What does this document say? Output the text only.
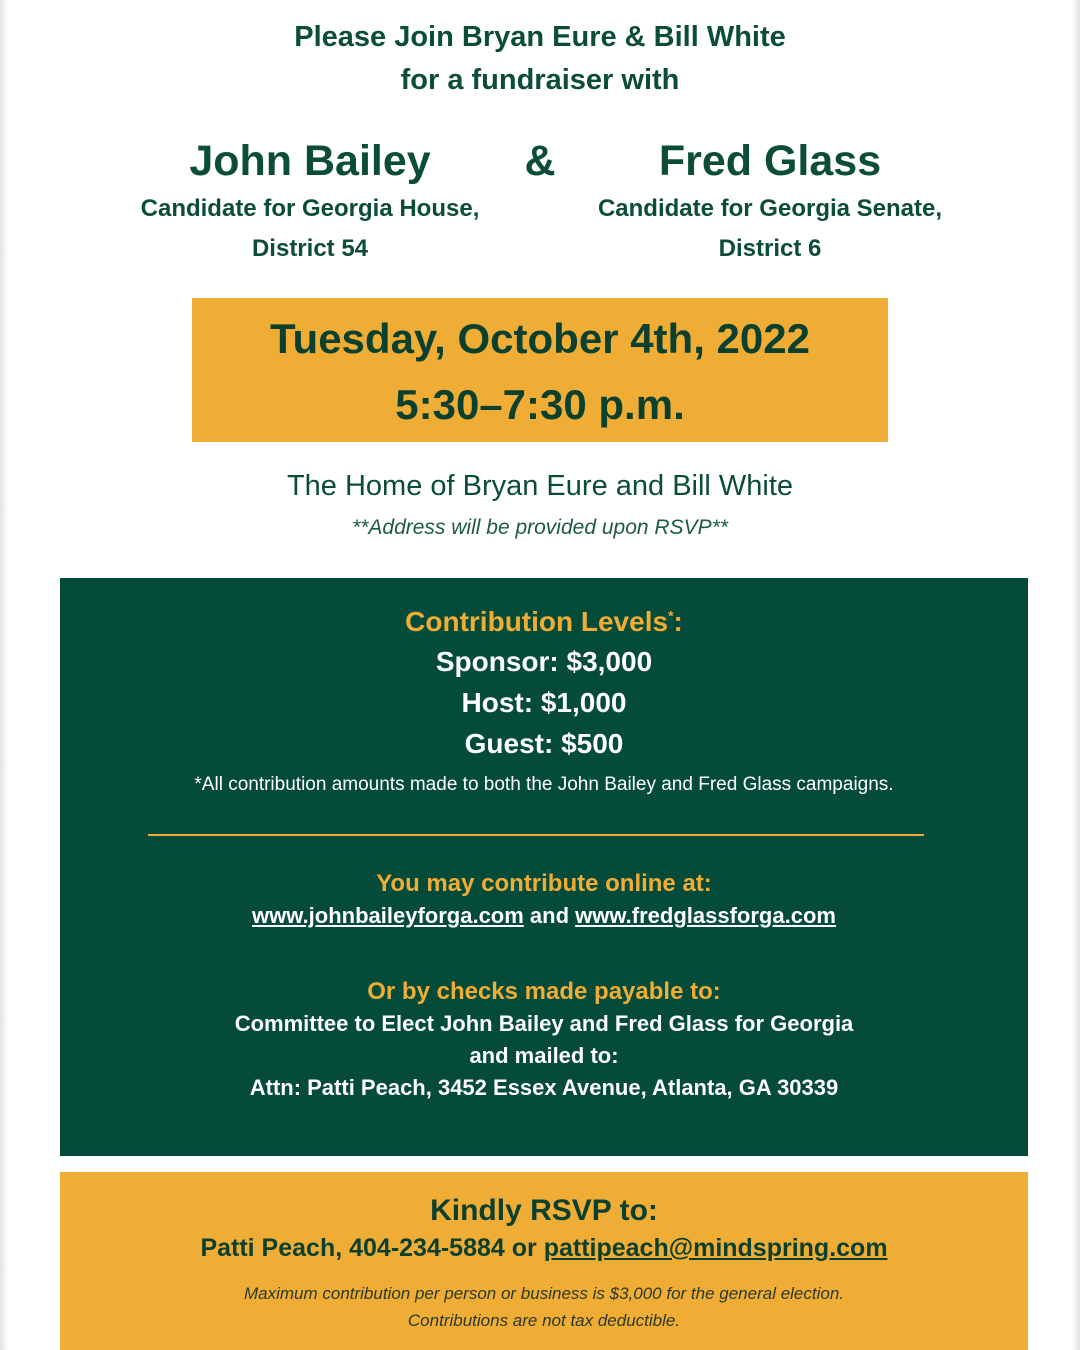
Please Join Bryan Eure & Bill White
for a fundraiser with
John Bailey
Candidate for Georgia House,
District 54
&	Fred Glass
Candidate for Georgia Senate,
District 6
Tuesday, October 4th, 2022
5:30–7:30 p.m.
The Home of Bryan Eure and Bill White
**Address will be provided upon RSVP**
Contribution Levels*:
Sponsor: $3,000
Host: $1,000
Guest: $500
*All contribution amounts made to both the John Bailey and Fred Glass campaigns.
You may contribute online at:
www.johnbaileyforga.com and www.fredglassforga.com
Or by checks made payable to:
Committee to Elect John Bailey and Fred Glass for Georgia
and mailed to:
Attn: Patti Peach, 3452 Essex Avenue, Atlanta, GA 30339
Kindly RSVP to:
Patti Peach, 404-234-5884 or pattipeach@mindspring.com
Maximum contribution per person or business is $3,000 for the general election.
Contributions are not tax deductible.
